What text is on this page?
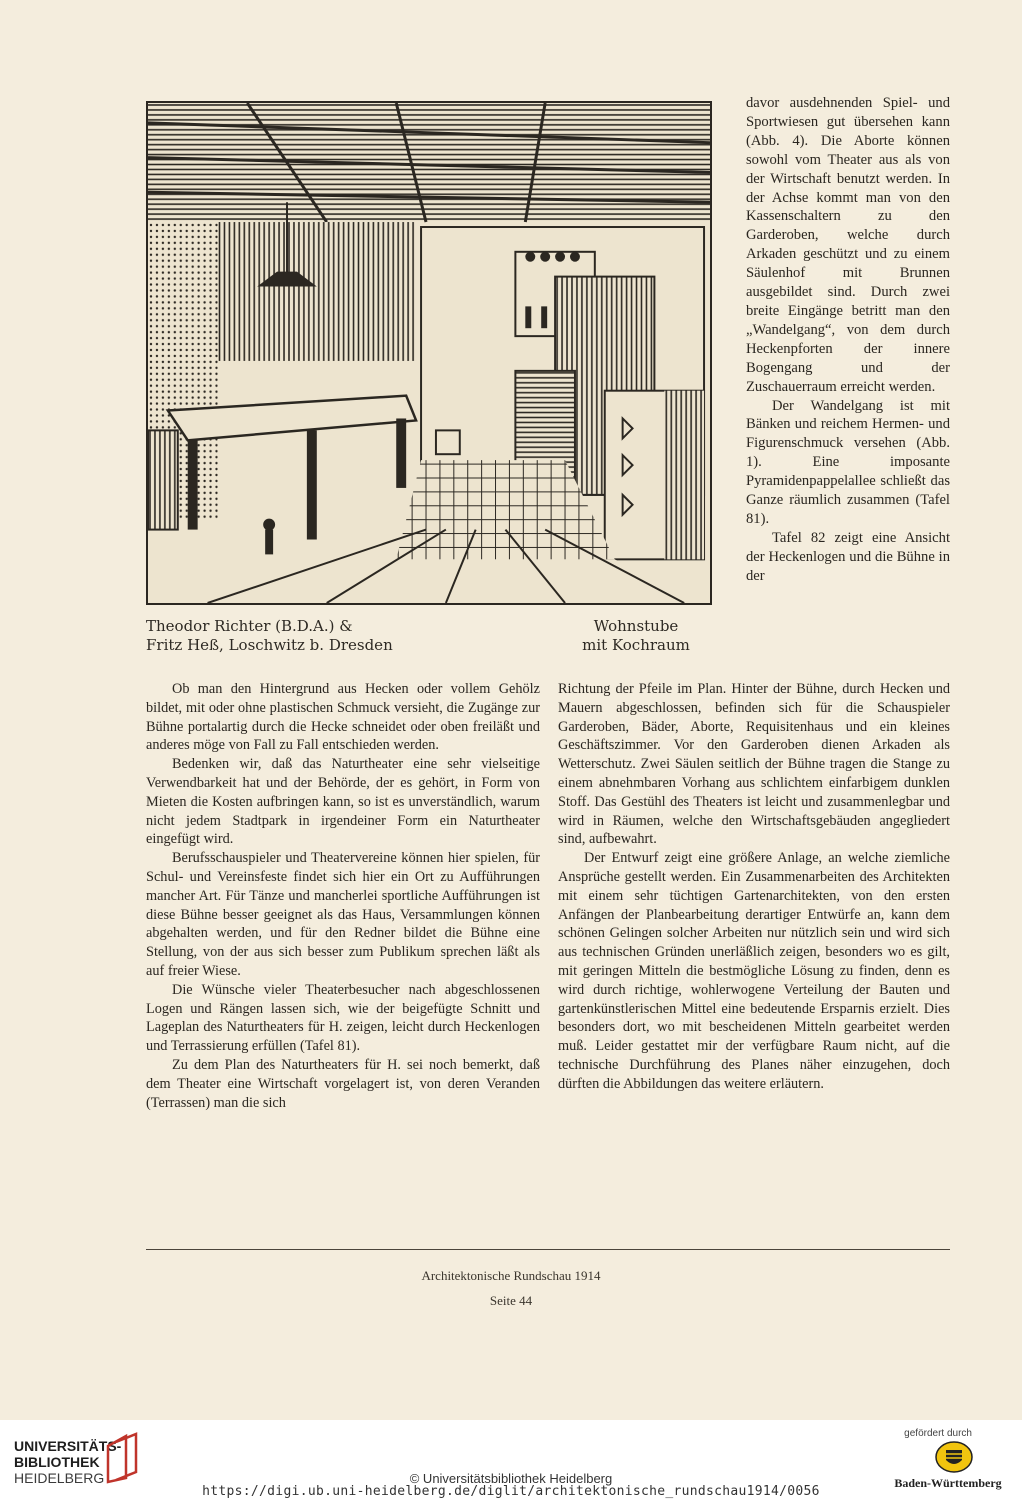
Theodor Richter (B.D.A.) &
Fritz Heß, Loschwitz b. Dresden
Wohnstube
mit Kochraum

davor ausdehnenden Spiel- und Sportwiesen gut übersehen kann (Abb. 4). Die Aborte können sowohl vom Theater aus als von der Wirtschaft benutzt werden. In der Achse kommt man von den Kassenschaltern zu den Garderoben, welche durch Arkaden geschützt und zu einem Säulenhof mit Brunnen ausgebildet sind. Durch zwei breite Eingänge betritt man den „Wandelgang“, von dem durch Heckenpforten der innere Bogengang und der Zuschauerraum erreicht werden.

Der Wandelgang ist mit Bänken und reichem Hermen- und Figurenschmuck versehen (Abb. 1). Eine imposante Pyramidenpappelallee schließt das Ganze räumlich zusammen (Tafel 81).

Tafel 82 zeigt eine Ansicht der Heckenlogen und die Bühne in der

Ob man den Hintergrund aus Hecken oder vollem Gehölz bildet, mit oder ohne plastischen Schmuck versieht, die Zugänge zur Bühne portalartig durch die Hecke schneidet oder oben freiläßt und anderes möge von Fall zu Fall entschieden werden.

Bedenken wir, daß das Naturtheater eine sehr vielseitige Verwendbarkeit hat und der Behörde, der es gehört, in Form von Mieten die Kosten aufbringen kann, so ist es unverständlich, warum nicht jedem Stadtpark in irgendeiner Form ein Naturtheater eingefügt wird.

Berufsschauspieler und Theatervereine können hier spielen, für Schul- und Vereinsfeste findet sich hier ein Ort zu Aufführungen mancher Art. Für Tänze und mancherlei sportliche Aufführungen ist diese Bühne besser geeignet als das Haus, Versammlungen können abgehalten werden, und für den Redner bildet die Bühne eine Stellung, von der aus sich besser zum Publikum sprechen läßt als auf freier Wiese.

Die Wünsche vieler Theaterbesucher nach abgeschlossenen Logen und Rängen lassen sich, wie der beigefügte Schnitt und Lageplan des Naturtheaters für H. zeigen, leicht durch Heckenlogen und Terrassierung erfüllen (Tafel 81).

Zu dem Plan des Naturtheaters für H. sei noch bemerkt, daß dem Theater eine Wirtschaft vorgelagert ist, von deren Veranden (Terrassen) man die sich

Richtung der Pfeile im Plan. Hinter der Bühne, durch Hecken und Mauern abgeschlossen, befinden sich für die Schauspieler Garderoben, Bäder, Aborte, Requisitenhaus und ein kleines Geschäftszimmer. Vor den Garderoben dienen Arkaden als Wetterschutz. Zwei Säulen seitlich der Bühne tragen die Stange zu einem abnehmbaren Vorhang aus schlichtem einfarbigem dunklen Stoff. Das Gestühl des Theaters ist leicht und zusammenlegbar und wird in Räumen, welche den Wirtschaftsgebäuden angegliedert sind, aufbewahrt.

Der Entwurf zeigt eine größere Anlage, an welche ziemliche Ansprüche gestellt werden. Ein Zusammenarbeiten des Architekten mit einem sehr tüchtigen Gartenarchitekten, von den ersten Anfängen der Planbearbeitung derartiger Entwürfe an, kann dem schönen Gelingen solcher Arbeiten nur nützlich sein und wird sich aus technischen Gründen unerläßlich zeigen, besonders wo es gilt, mit geringen Mitteln die bestmögliche Lösung zu finden, denn es wird durch richtige, wohlerwogene Verteilung der Bauten und gartenkünstlerischen Mittel eine bedeutende Ersparnis erzielt. Dies besonders dort, wo mit bescheidenen Mitteln gearbeitet werden muß. Leider gestattet mir der verfügbare Raum nicht, auf die technische Durchführung des Planes näher einzugehen, doch dürften die Abbildungen das weitere erläutern.

Architektonische Rundschau 1914
Seite 44
UNIVERSITÄTS-
BIBLIOTHEK
HEIDELBERG	© Universitätsbibliothek Heidelberg
https://digi.ub.uni-heidelberg.de/diglit/architektonische_rundschau1914/0056
gefördert durch
Baden-Württemberg
